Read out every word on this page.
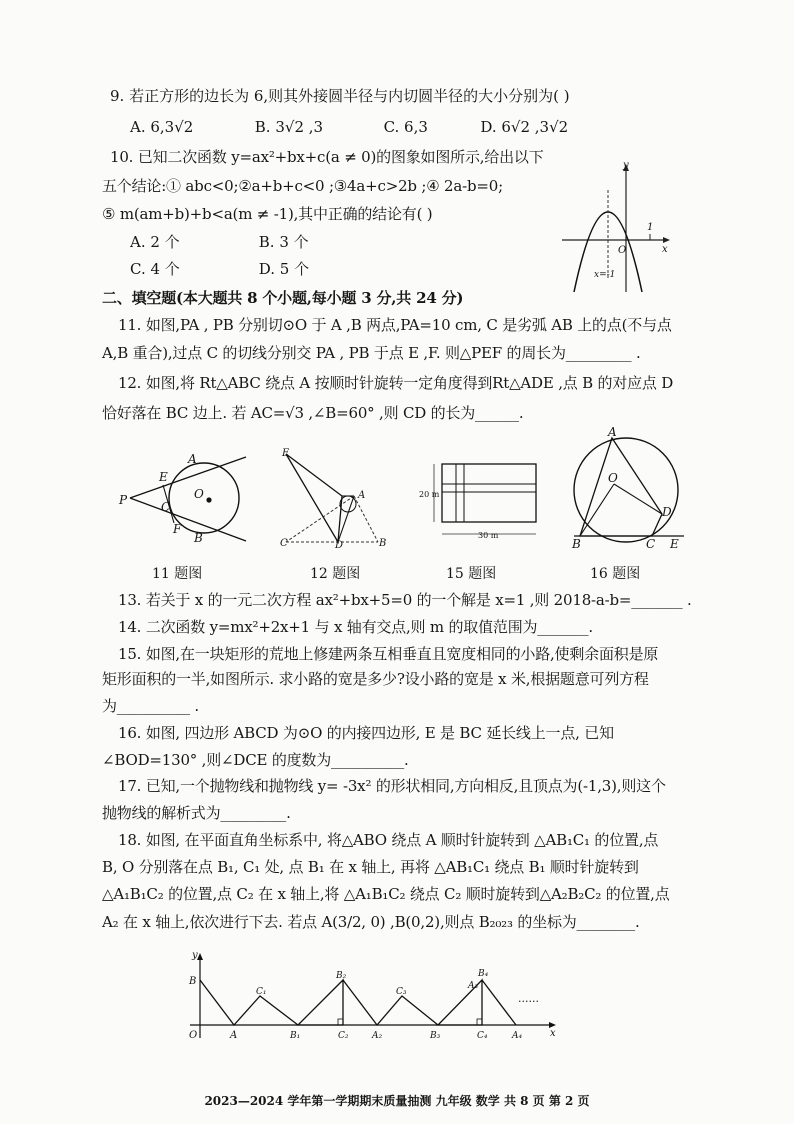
9. 若正方形的边长为 6,则其外接圆半径与内切圆半径的大小分别为( )
A. 6,3√2	B. 3√2 ,3	C. 6,3	D. 6√2 ,3√2
10. 已知二次函数 y=ax²+bx+c(a ≠ 0)的图象如图所示,给出以下
五个结论:① abc<0;②a+b+c<0 ;③4a+c>2b ;④ 2a-b=0;
⑤ m(am+b)+b<a(m ≠ -1),其中正确的结论有( )
A. 2 个	B. 3 个
C. 4 个	D. 5 个
y
x
O
1
x=-1
二、填空题(本大题共 8 个小题,每小题 3 分,共 24 分)
11. 如图,PA , PB 分别切⊙O 于 A ,B 两点,PA=10 cm, C 是劣弧 AB 上的点(不与点
A,B 重合),过点 C 的切线分别交 PA , PB 于点 E ,F. 则△PEF 的周长为_________ .
12. 如图,将 Rt△ABC 绕点 A 按顺时针旋转一定角度得到Rt△ADE ,点 B 的对应点 D
恰好落在 BC 边上. 若 AC=√3 ,∠B=60° ,则 CD 的长为______.
P
E
A
C
O
F
B
11 题图
E
A
C	D	B
12 题图
20 m
30 m
15 题图
A
O
D
B	C E
16 题图
13. 若关于 x 的一元二次方程 ax²+bx+5=0 的一个解是 x=1 ,则 2018-a-b=_______ .
14. 二次函数 y=mx²+2x+1 与 x 轴有交点,则 m 的取值范围为_______.
15. 如图,在一块矩形的荒地上修建两条互相垂直且宽度相同的小路,使剩余面积是原
矩形面积的一半,如图所示. 求小路的宽是多少?设小路的宽是 x 米,根据题意可列方程
为__________ .
16. 如图, 四边形 ABCD 为⊙O 的内接四边形, E 是 BC 延长线上一点, 已知
∠BOD=130° ,则∠DCE 的度数为__________.
17. 已知,一个抛物线和抛物线 y= -3x² 的形状相同,方向相反,且顶点为(-1,3),则这个
抛物线的解析式为_________.
18. 如图, 在平面直角坐标系中, 将△ABO 绕点 A 顺时针旋转到 △AB₁C₁ 的位置,点
B, O 分别落在点 B₁, C₁ 处, 点 B₁ 在 x 轴上, 再将 △AB₁C₁ 绕点 B₁ 顺时针旋转到
△A₁B₁C₂ 的位置,点 C₂ 在 x 轴上,将 △A₁B₁C₂ 绕点 C₂ 顺时旋转到△A₂B₂C₂ 的位置,点
A₂ 在 x 轴上,依次进行下去. 若点 A(3/2, 0) ,B(0,2),则点 B₂₀₂₃ 的坐标为________.
y
x
O
B
A
C₁
B₁
B₂
C₂	A₂
C₃
B₃
A₃
B₄
C₄	A₄
......
2023—2024 学年第一学期期末质量抽测 九年级 数学 共 8 页 第 2 页
